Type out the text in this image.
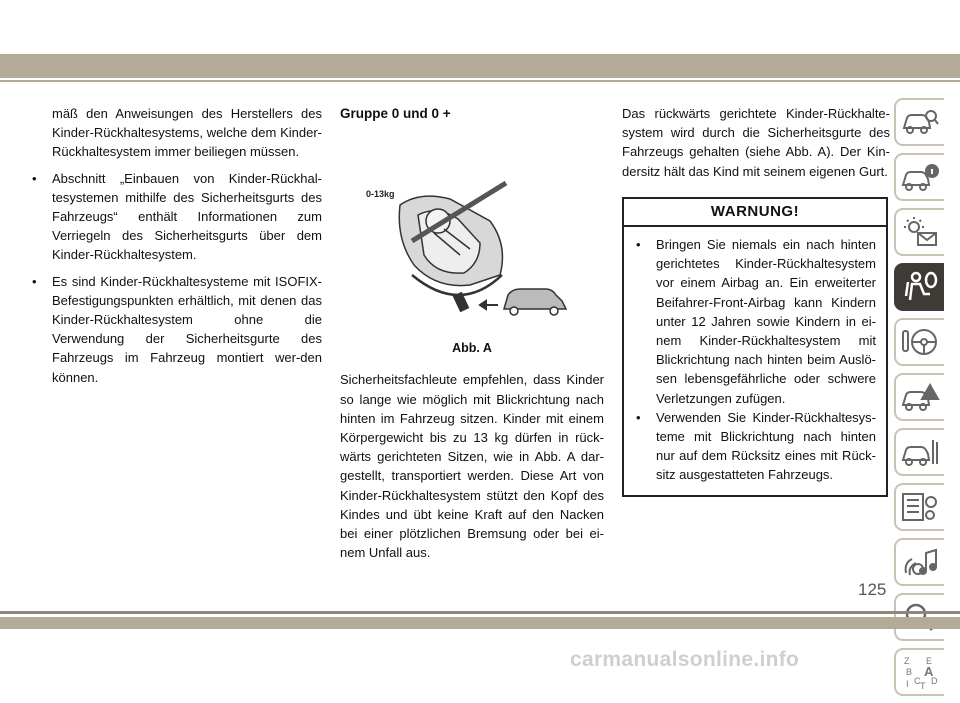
mäß den Anweisungen des Herstellers des Kinder-Rückhaltesystems, welche dem Kinder-Rückhaltesystem immer beiliegen müssen.

• Abschnitt „Einbauen von Kinder-Rückhal-tesystemen mithilfe des Sicherheitsgurts des Fahrzeugs“ enthält Informationen zum Verriegeln des Sicherheitsgurts über dem Kinder-Rückhaltesystem.
• Es sind Kinder-Rückhaltesysteme mit ISOFIX-Befestigungspunkten erhältlich, mit denen das Kinder-Rückhaltesystem ohne die Verwendung der Sicherheitsgurte des Fahrzeugs im Fahrzeug montiert wer-den können.
Gruppe 0 und 0 +
0-13kg
Abb. A

Sicherheitsfachleute empfehlen, dass Kinder so lange wie möglich mit Blickrichtung nach hinten im Fahrzeug sitzen. Kinder mit einem Körpergewicht bis zu 13 kg dürfen in rück-wärts gerichteten Sitzen, wie in Abb. A dar-gestellt, transportiert werden. Diese Art von Kinder-Rückhaltesystem stützt den Kopf des Kindes und übt keine Kraft auf den Nacken bei einer plötzlichen Bremsung oder bei ei-nem Unfall aus.

Das rückwärts gerichtete Kinder-Rückhalte-system wird durch die Sicherheitsgurte des Fahrzeugs gehalten (siehe Abb. A). Der Kin-dersitz hält das Kind mit seinem eigenen Gurt.

WARNUNG!
• Bringen Sie niemals ein nach hinten gerichtetes Kinder-Rückhaltesystem vor einem Airbag an. Ein erweiterter Beifahrer-Front-Airbag kann Kindern unter 12 Jahren sowie Kindern in ei-nem Kinder-Rückhaltesystem mit Blickrichtung nach hinten beim Auslö-sen lebensgefährliche oder schwere Verletzungen zufügen.
• Verwenden Sie Kinder-Rückhaltesys-teme mit Blickrichtung nach hinten nur auf dem Rücksitz eines mit Rück-sitz ausgestatteten Fahrzeugs.
Z E
B A
I C D
T
125
carmanualsonline.info
